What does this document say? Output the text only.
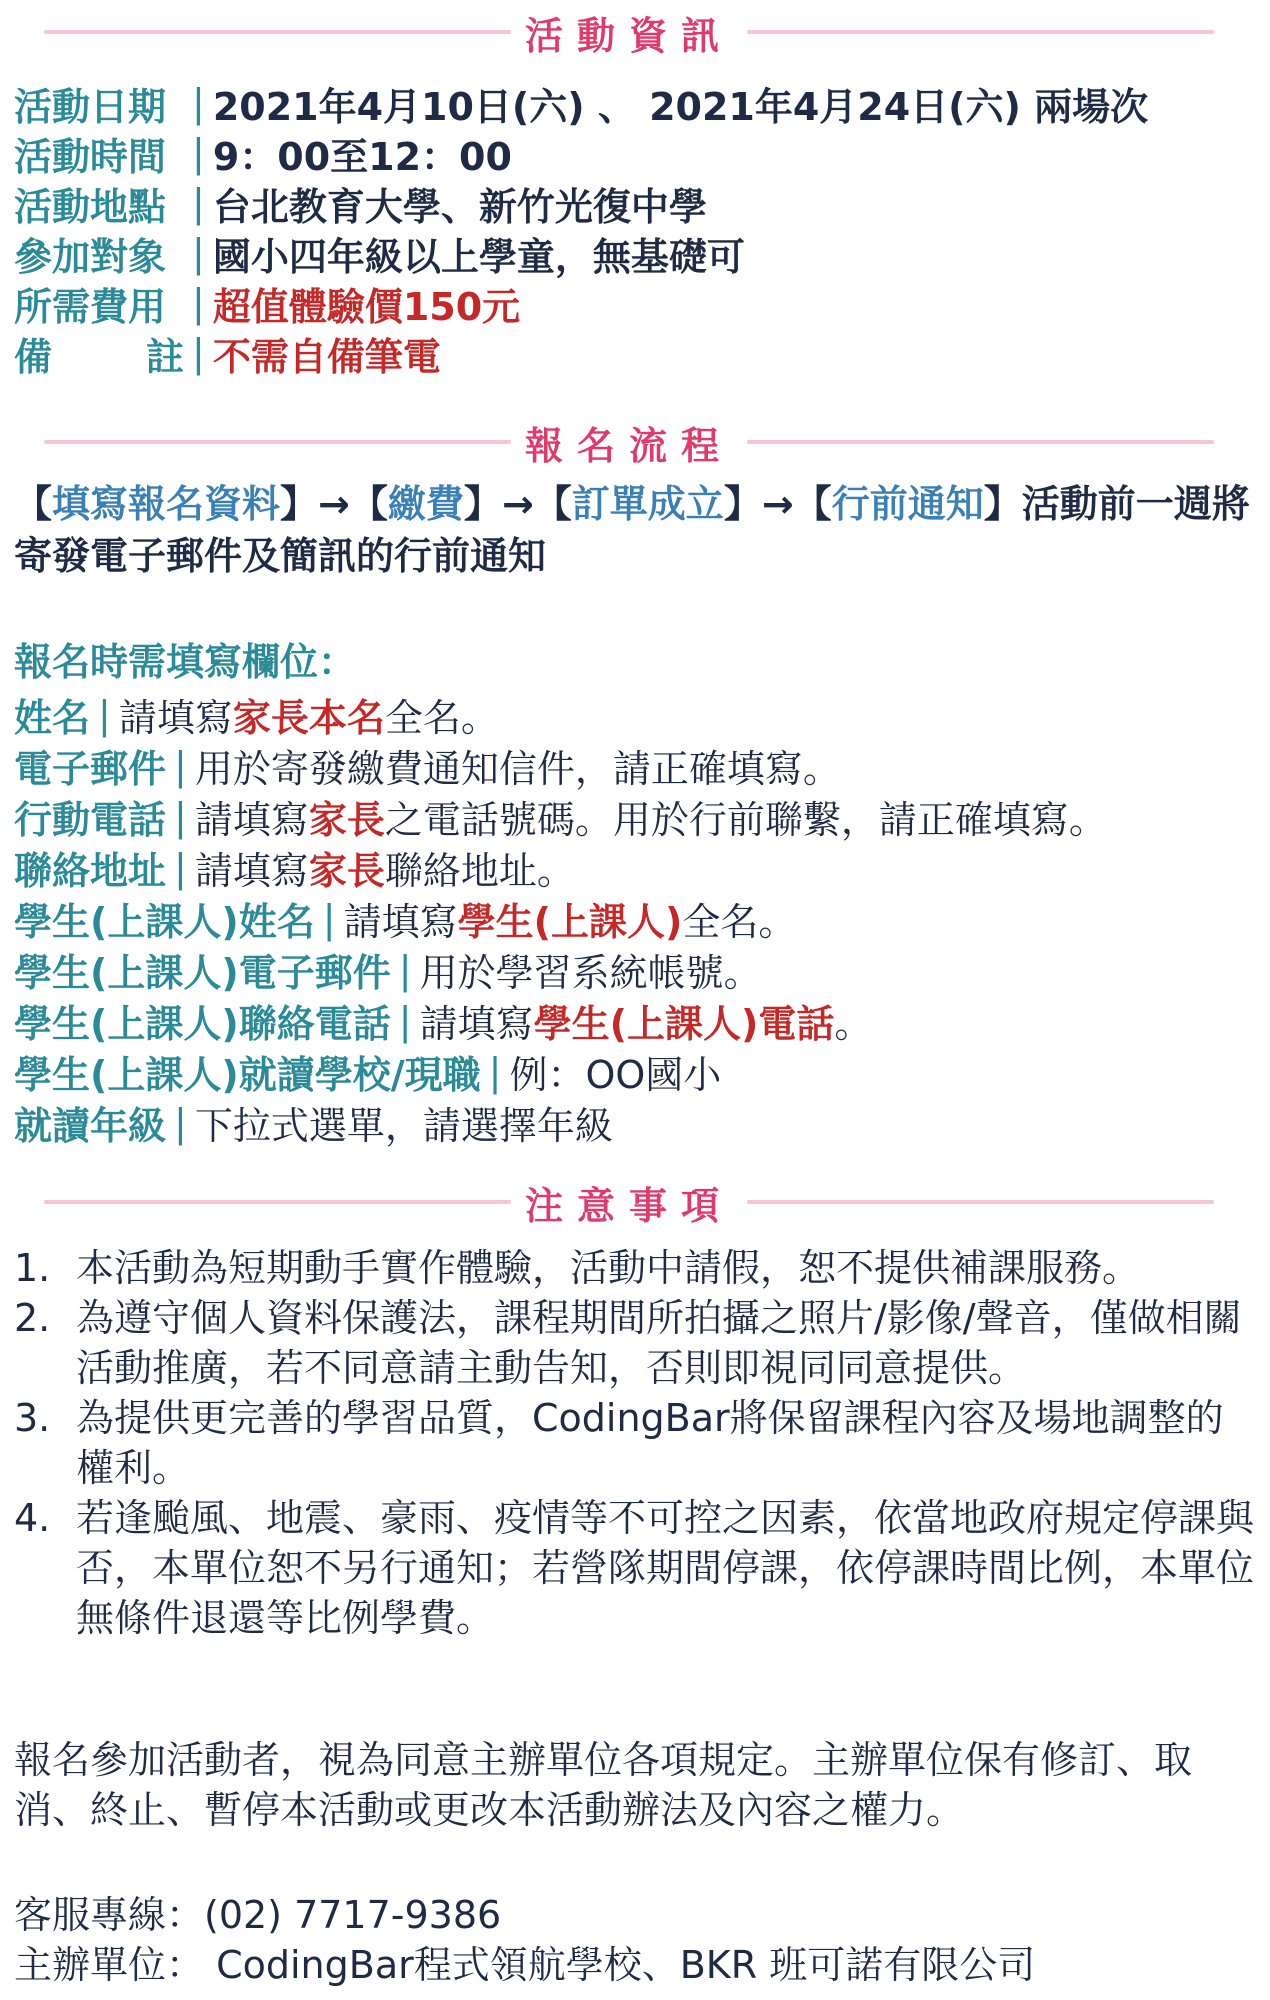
活動資訊
活動日期 | 2021年4月10日(六) 、 2021年4月24日(六) 兩場次
活動時間 | 9：00至12：00
活動地點 | 台北教育大學、新竹光復中學
參加對象 | 國小四年級以上學童，無基礎可
所需費用 | 超值體驗價150元
備 註 | 不需自備筆電
報名流程
【填寫報名資料】→【繳費】→【訂單成立】→【行前通知】活動前一週將寄發電子郵件及簡訊的行前通知
報名時需填寫欄位：
姓名 | 請填寫 家長本名 全名。
電子郵件 | 用於寄發繳費通知信件，請正確填寫。
行動電話 | 請填寫 家長 之電話號碼。用於行前聯繫，請正確填寫。
聯絡地址 | 請填寫 家長 聯絡地址。
學生(上課人)姓名 | 請填寫 學生(上課人) 全名。
學生(上課人)電子郵件 | 用於學習系統帳號。
學生(上課人)聯絡電話 | 請填寫 學生(上課人)電話 。
學生(上課人)就讀學校/現職 | 例：OO國小
就讀年級 | 下拉式選單，請選擇年級
注意事項
1. 本活動為短期動手實作體驗，活動中請假，恕不提供補課服務。
2. 為遵守個人資料保護法，課程期間所拍攝之照片/影像/聲音，僅做相關活動推廣，若不同意請主動告知，否則即視同同意提供。
3. 為提供更完善的學習品質，CodingBar將保留課程內容及場地調整的權利。
4. 若逢颱風、地震、豪雨、疫情等不可控之因素，依當地政府規定停課與否，本單位恕不另行通知；若營隊期間停課，依停課時間比例，本單位無條件退還等比例學費。
報名參加活動者，視為同意主辦單位各項規定。主辦單位保有修訂、取消、終止、暫停本活動或更改本活動辦法及內容之權力。
客服專線：(02) 7717-9386
主辦單位： CodingBar程式領航學校、BKR 班可諾有限公司
